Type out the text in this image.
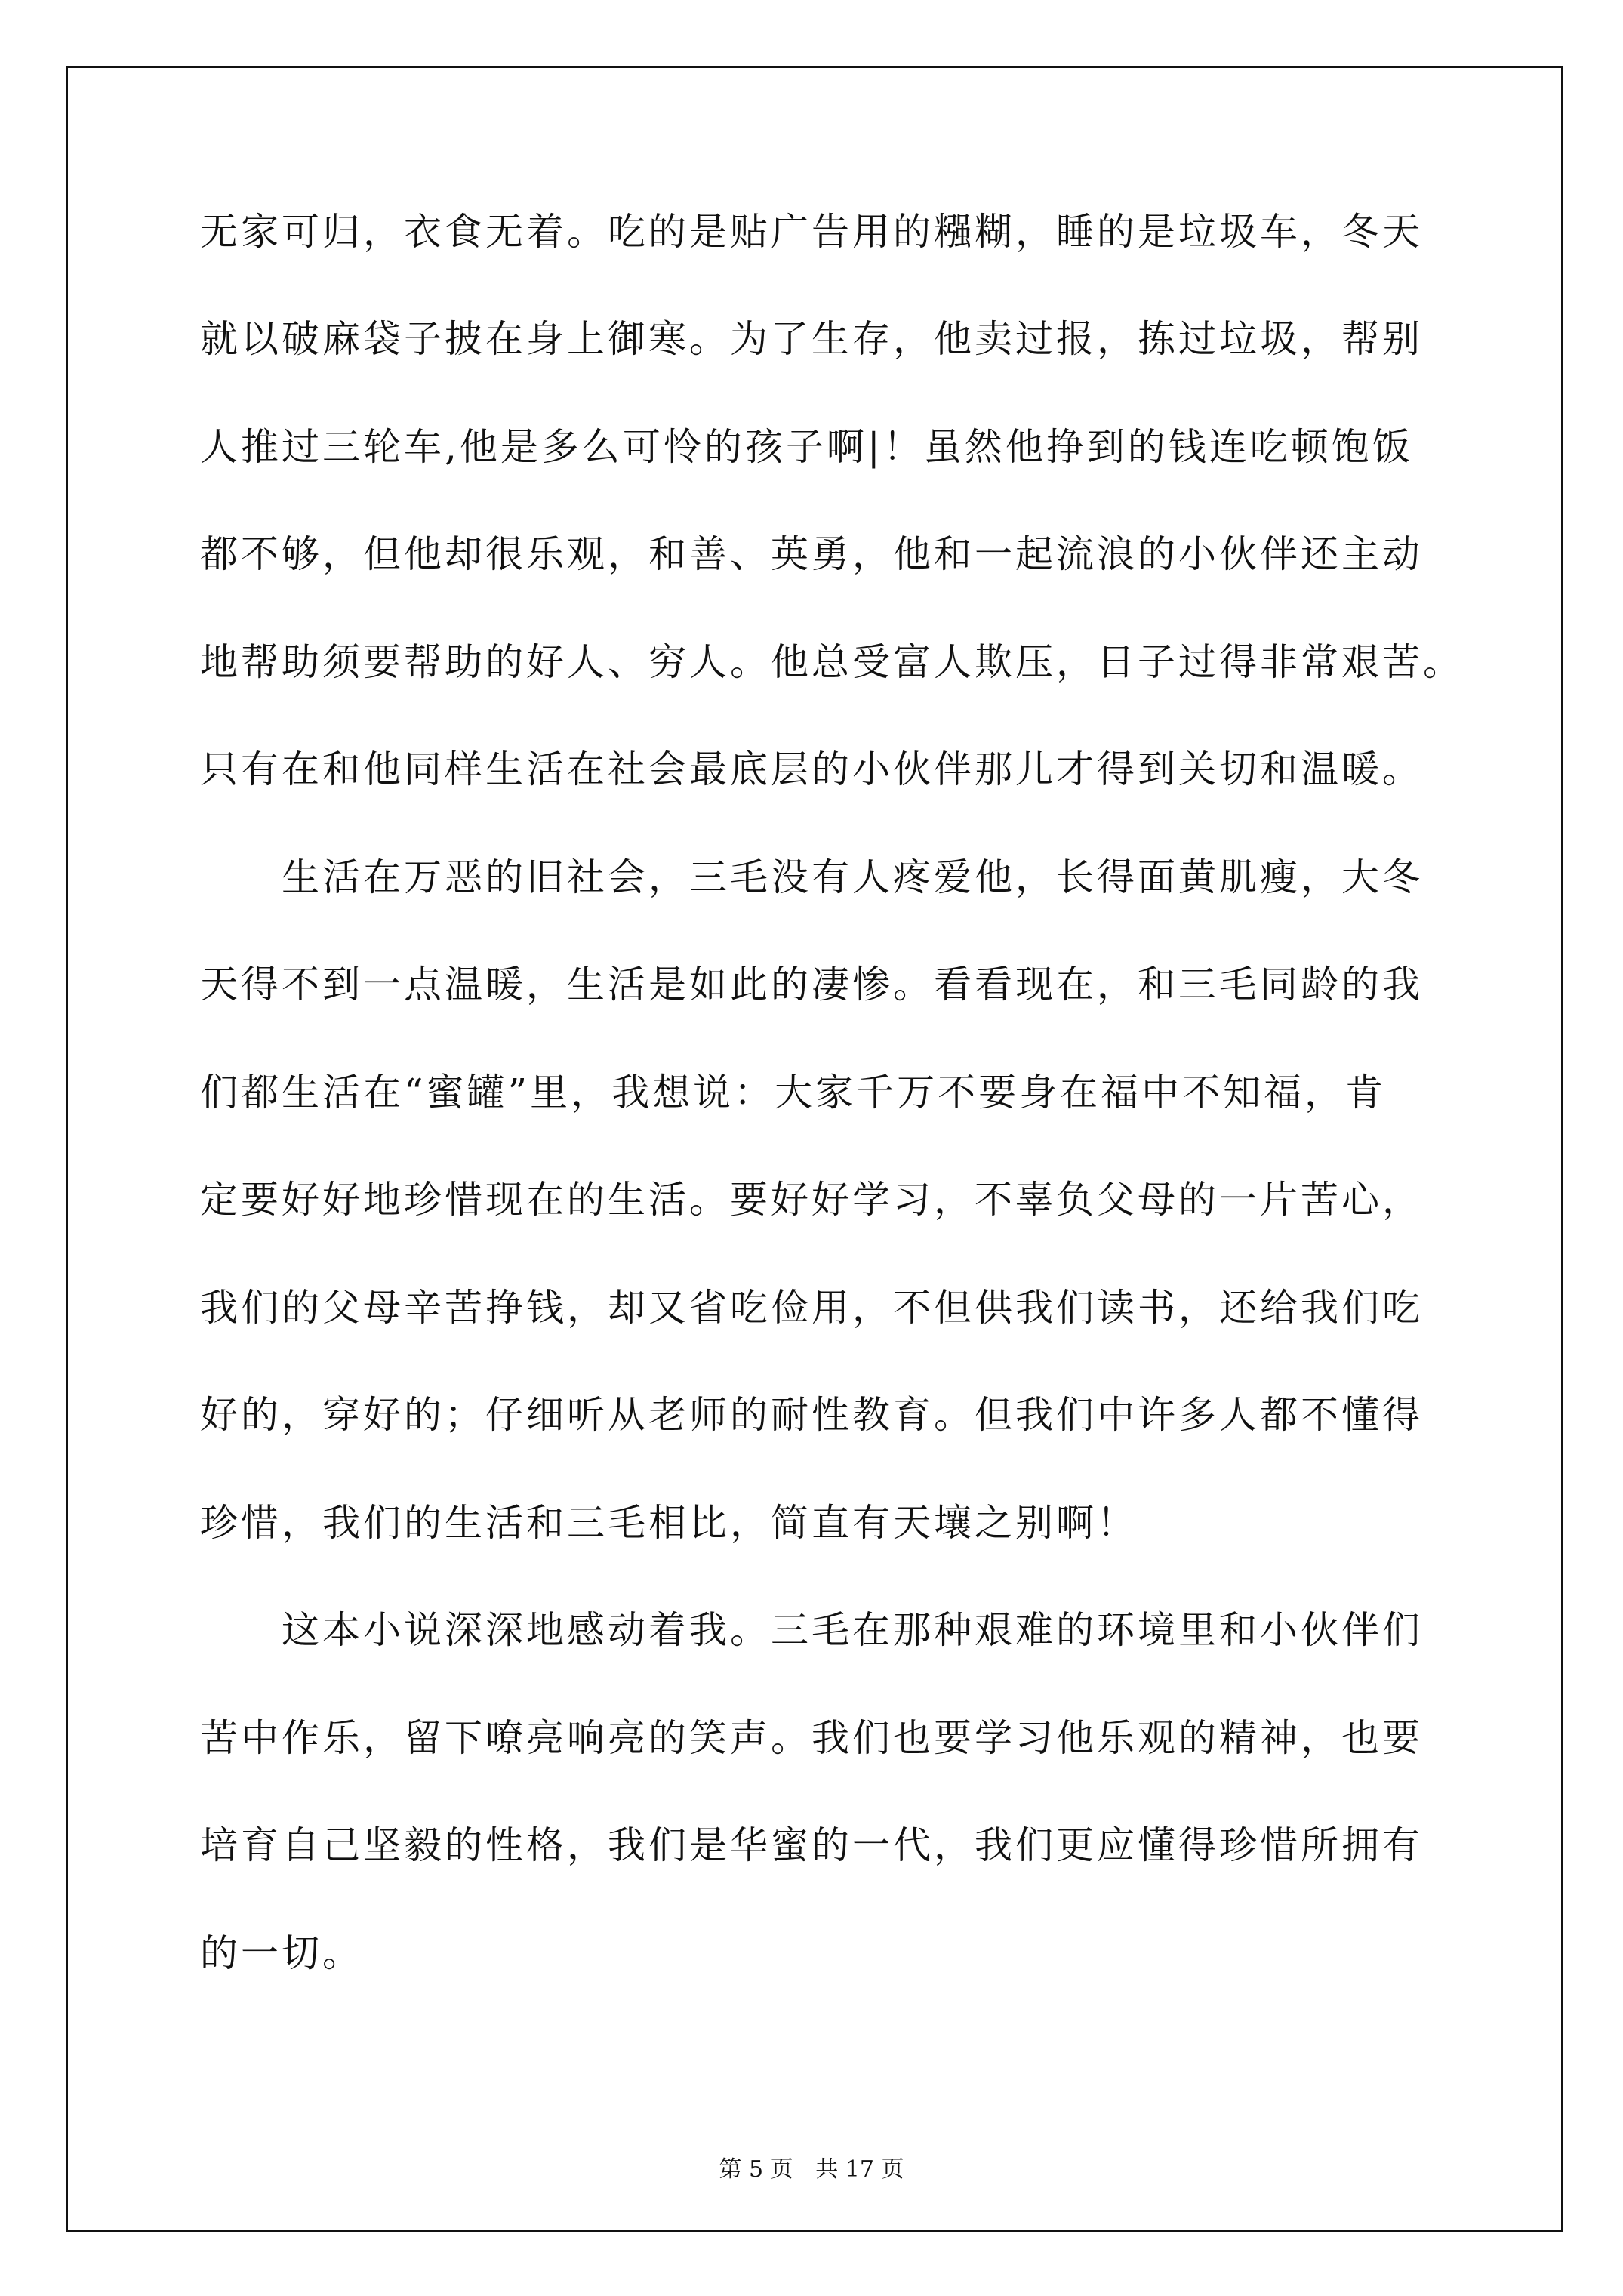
无家可归，衣食无着。吃的是贴广告用的糨糊，睡的是垃圾车，冬天

就以破麻袋子披在身上御寒。为了生存，他卖过报，拣过垃圾，帮别

人推过三轮车,他是多么可怜的孩子啊|！虽然他挣到的钱连吃顿饱饭

都不够，但他却很乐观，和善、英勇，他和一起流浪的小伙伴还主动

地帮助须要帮助的好人、穷人。他总受富人欺压，日子过得非常艰苦。

只有在和他同样生活在社会最底层的小伙伴那儿才得到关切和温暖。

生活在万恶的旧社会，三毛没有人疼爱他，长得面黄肌瘦，大冬

天得不到一点温暖，生活是如此的凄惨。看看现在，和三毛同龄的我

们都生活在“蜜罐”里，我想说：大家千万不要身在福中不知福，肯

定要好好地珍惜现在的生活。要好好学习，不辜负父母的一片苦心，

我们的父母辛苦挣钱，却又省吃俭用，不但供我们读书，还给我们吃

好的，穿好的；仔细听从老师的耐性教育。但我们中许多人都不懂得

珍惜，我们的生活和三毛相比，简直有天壤之别啊！

这本小说深深地感动着我。三毛在那种艰难的环境里和小伙伴们

苦中作乐，留下嘹亮响亮的笑声。我们也要学习他乐观的精神，也要

培育自己坚毅的性格，我们是华蜜的一代，我们更应懂得珍惜所拥有

的一切。

第 5 页 共 17 页
